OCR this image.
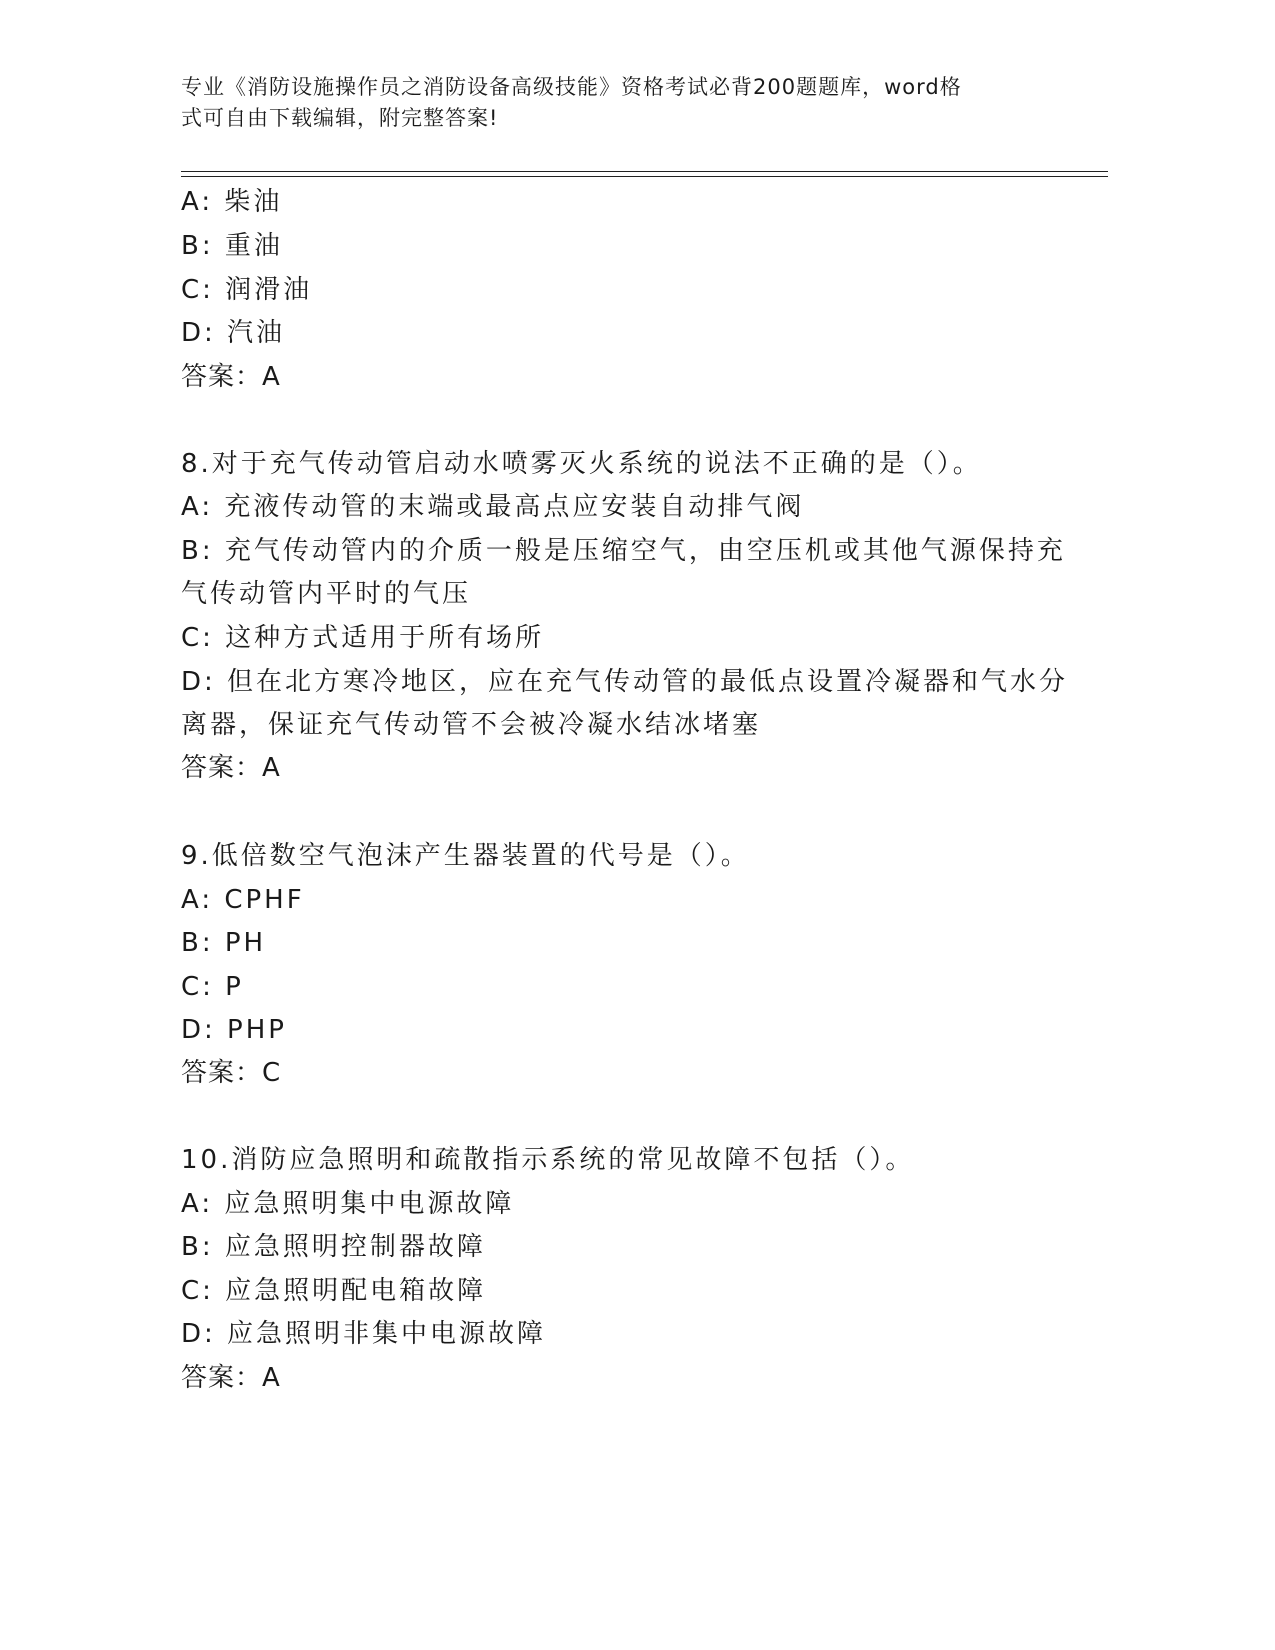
专业《消防设施操作员之消防设备高级技能》资格考试必背200题题库，word格
式可自由下载编辑，附完整答案!
A: 柴油
B: 重油
C: 润滑油
D: 汽油
答案：A
8.对于充气传动管启动水喷雾灭火系统的说法不正确的是（）。
A: 充液传动管的末端或最高点应安装自动排气阀
B: 充气传动管内的介质一般是压缩空气，由空压机或其他气源保持充
气传动管内平时的气压
C: 这种方式适用于所有场所
D: 但在北方寒冷地区，应在充气传动管的最低点设置冷凝器和气水分
离器，保证充气传动管不会被冷凝水结冰堵塞
答案：A
9.低倍数空气泡沫产生器装置的代号是（）。
A: CPHF
B: PH
C: P
D: PHP
答案：C
10.消防应急照明和疏散指示系统的常见故障不包括（）。
A: 应急照明集中电源故障
B: 应急照明控制器故障
C: 应急照明配电箱故障
D: 应急照明非集中电源故障
答案：A
